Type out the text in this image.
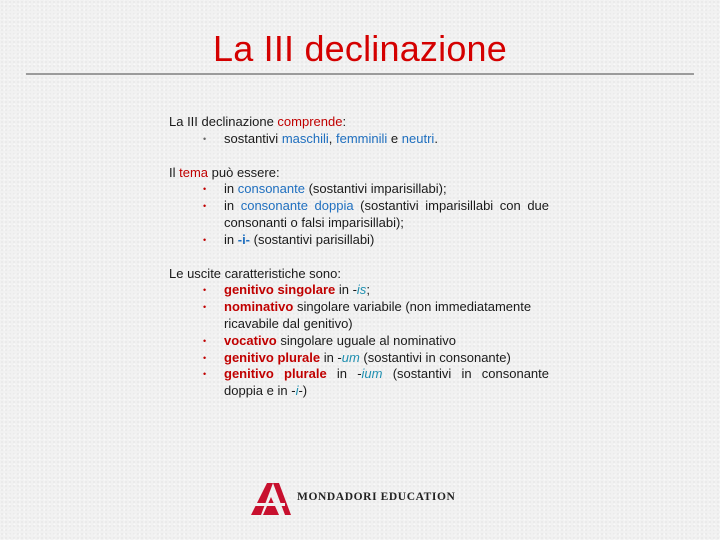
La III declinazione
La III declinazione comprende:
•	sostantivi maschili, femminili e neutri.
Il tema può essere:
•	in consonante (sostantivi imparisillabi);
•	in consonante doppia (sostantivi imparisillabi con due consonanti o falsi imparisillabi);
•	in -i- (sostantivi parisillabi)
Le uscite caratteristiche sono:
•	genitivo singolare in -is;
•	nominativo singolare variabile (non immediatamente ricavabile dal genitivo)
•	vocativo singolare uguale al nominativo
•	genitivo plurale in -um (sostantivi in consonante)
•	genitivo plurale in -ium (sostantivi in consonante doppia e in -i-)
MONDADORI EDUCATION
